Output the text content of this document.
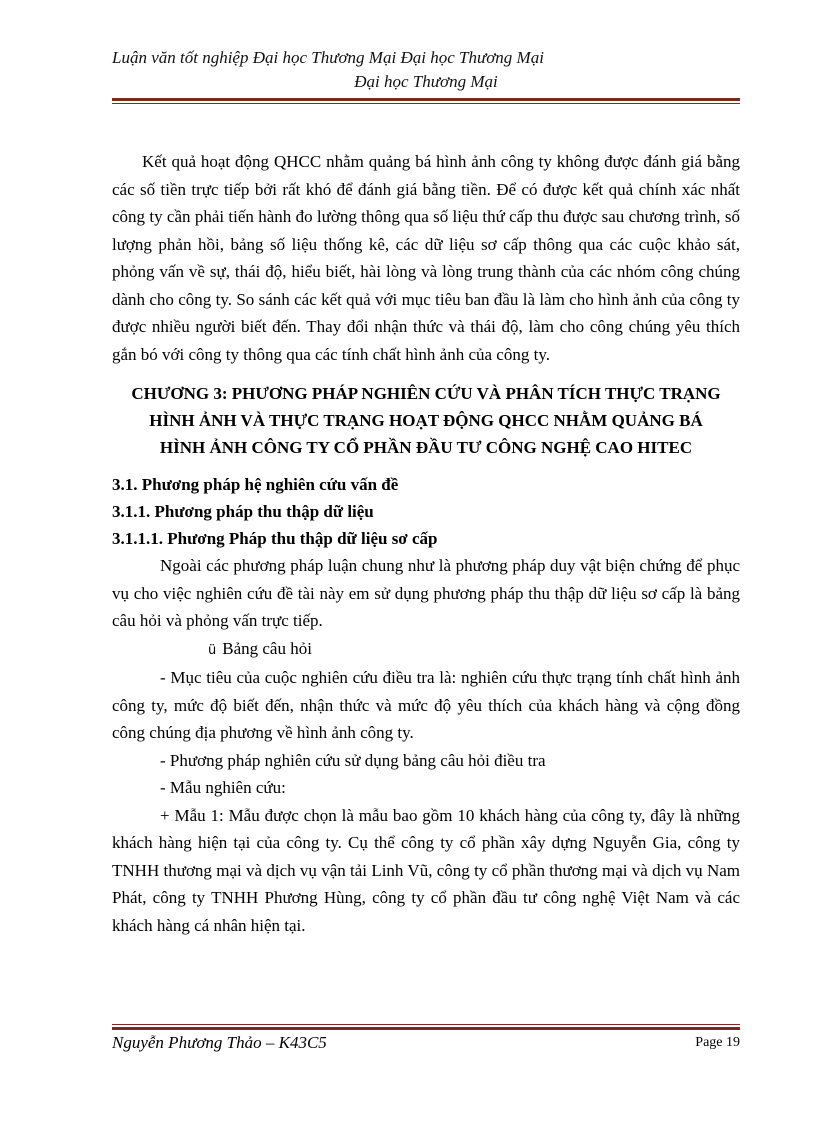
Luận văn tốt nghiệp Đại học Thương Mại Đại học Thương Mại
Đại học Thương Mại

Kết quả hoạt động QHCC nhằm quảng bá hình ảnh công ty không được đánh giá bằng các số tiền trực tiếp bởi rất khó để đánh giá bằng tiền. Để có được kết quả chính xác nhất công ty cần phải tiến hành đo lường thông qua số liệu thứ cấp thu được sau chương trình, số lượng phản hồi, bảng số liệu thống kê, các dữ liệu sơ cấp thông qua các cuộc khảo sát, phỏng vấn về sự, thái độ, hiểu biết, hài lòng và lòng trung thành của các nhóm công chúng dành cho công ty. So sánh các kết quả với mục tiêu ban đầu là làm cho hình ảnh của công ty được nhiều người biết đến. Thay đổi nhận thức và thái độ, làm cho công chúng yêu thích gắn bó với công ty thông qua các tính chất hình ảnh của công ty.

CHƯƠNG 3: PHƯƠNG PHÁP NGHIÊN CỨU VÀ PHÂN TÍCH THỰC TRẠNG HÌNH ẢNH VÀ THỰC TRẠNG HOẠT ĐỘNG QHCC NHẰM QUẢNG BÁ HÌNH ẢNH CÔNG TY CỔ PHẦN ĐẦU TƯ CÔNG NGHỆ CAO HITEC

3.1. Phương pháp hệ nghiên cứu vấn đề

3.1.1. Phương pháp thu thập dữ liệu

3.1.1.1. Phương Pháp thu thập dữ liệu sơ cấp

Ngoài các phương pháp luận chung như là phương pháp duy vật biện chứng để phục vụ cho việc nghiên cứu đề tài này em sử dụng phương pháp thu thập dữ liệu sơ cấp là bảng câu hỏi và phỏng vấn trực tiếp.

ü Bảng câu hỏi

- Mục tiêu của cuộc nghiên cứu điều tra là: nghiên cứu thực trạng tính chất hình ảnh công ty, mức độ biết đến, nhận thức và mức độ yêu thích của khách hàng và cộng đồng công chúng địa phương về hình ảnh công ty.

- Phương pháp nghiên cứu sử dụng bảng câu hỏi điều tra

- Mẫu nghiên cứu:

+ Mẫu 1: Mẫu được chọn là mẫu bao gồm 10 khách hàng của công ty, đây là những khách hàng hiện tại của công ty. Cụ thể công ty cổ phần xây dựng Nguyễn Gia, công ty TNHH thương mại và dịch vụ vận tải Linh Vũ, công ty cổ phần thương mại và dịch vụ Nam Phát, công ty TNHH Phương Hùng, công ty cổ phần đầu tư công nghệ Việt Nam và các khách hàng cá nhân hiện tại.

Nguyễn Phương Thảo – K43C5	Page 19
